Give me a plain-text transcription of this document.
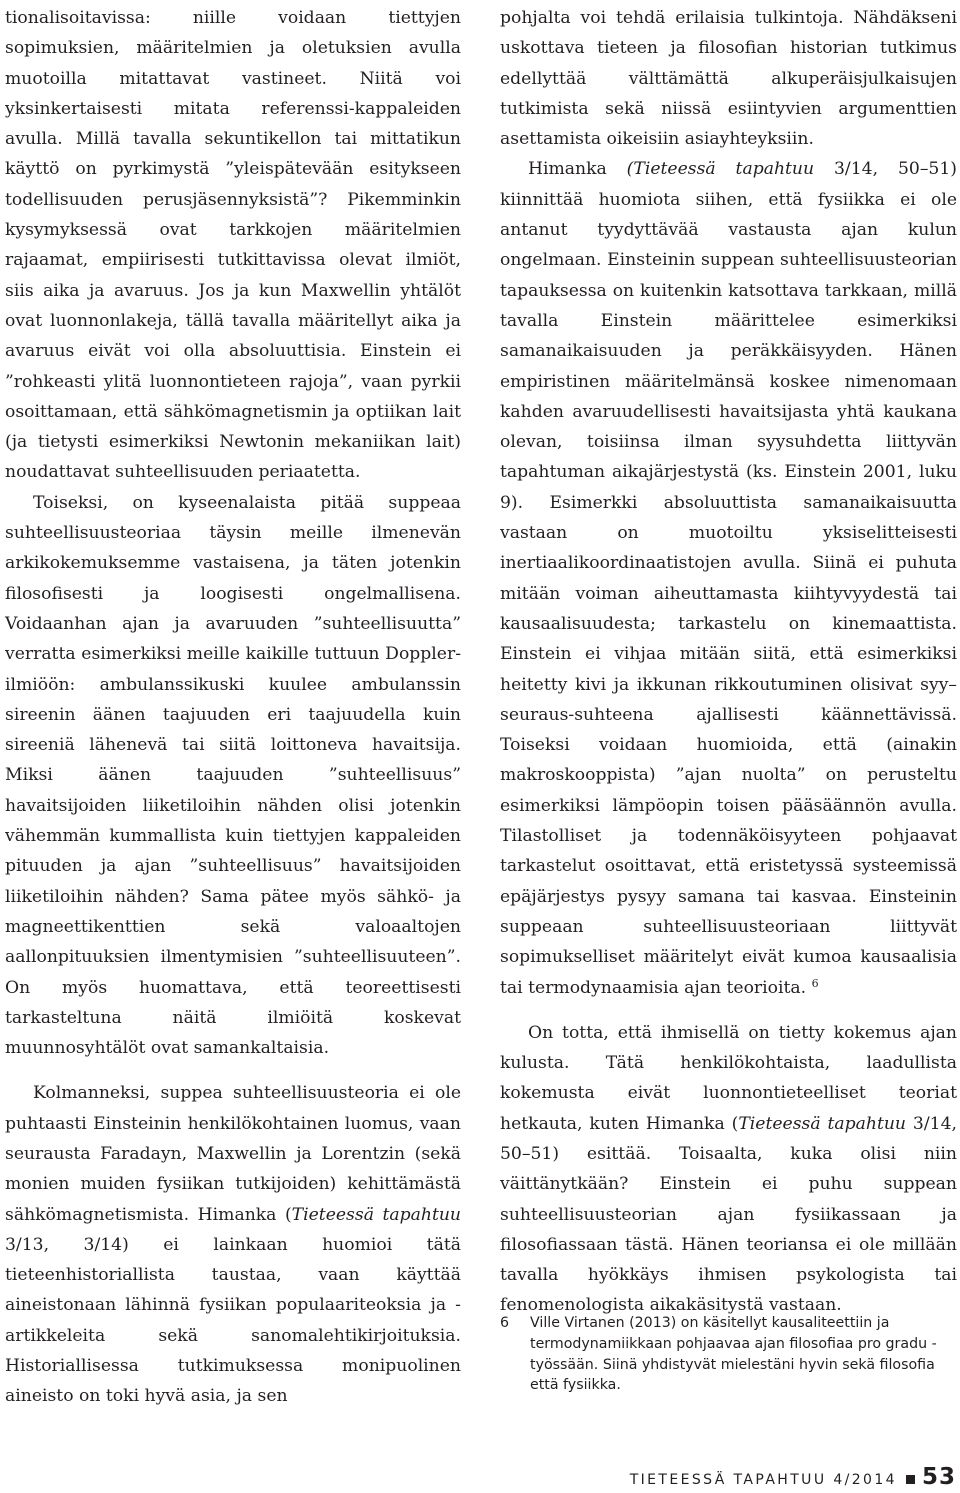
tionalisoitavissa: niille voidaan tiettyjen sopimuksien, määritelmien ja oletuksien avulla muotoilla mitattavat vastineet. Niitä voi yksinkertaisesti mitata referenssi-kappaleiden avulla. Millä tavalla sekuntikellon tai mittatikun käyttö on pyrkimystä ”yleispätevään esitykseen todellisuuden perusjäsennyksistä”? Pikemminkin kysymyksessä ovat tarkkojen määritelmien rajaamat, empiirisesti tutkittavissa olevat ilmiöt, siis aika ja avaruus. Jos ja kun Maxwellin yhtälöt ovat luonnonlakeja, tällä tavalla määritellyt aika ja avaruus eivät voi olla absoluuttisia. Einstein ei ”rohkeasti ylitä luonnontieteen rajoja”, vaan pyrkii osoittamaan, että sähkömagnetismin ja optiikan lait (ja tietysti esimerkiksi Newtonin mekaniikan lait) noudattavat suhteellisuuden periaatetta.

Toiseksi, on kyseenalaista pitää suppeaa suhteellisuusteoriaa täysin meille ilmenevän arkikokemuksemme vastaisena, ja täten jotenkin filosofisesti ja loogisesti ongelmallisena. Voidaanhan ajan ja avaruuden ”suhteellisuutta” verratta esimerkiksi meille kaikille tuttuun Doppler-ilmiöön: ambulanssikuski kuulee ambulanssin sireenin äänen taajuuden eri taajuudella kuin sireeniä lähenevä tai siitä loittoneva havaitsija. Miksi äänen taajuuden ”suhteellisuus” havaitsijoiden liiketiloihin nähden olisi jotenkin vähemmän kummallista kuin tiettyjen kappaleiden pituuden ja ajan ”suhteellisuus” havaitsijoiden liiketiloihin nähden? Sama pätee myös sähkö- ja magneettikenttien sekä valoaaltojen aallonpituuksien ilmentymisien ”suhteellisuuteen”. On myös huomattava, että teoreettisesti tarkasteltuna näitä ilmiöitä koskevat muunnosyhtälöt ovat samankaltaisia.

Kolmanneksi, suppea suhteellisuusteoria ei ole puhtaasti Einsteinin henkilökohtainen luomus, vaan seurausta Faradayn, Maxwellin ja Lorentzin (sekä monien muiden fysiikan tutkijoiden) kehittämästä sähkömagnetismista. Himanka (Tieteessä tapahtuu 3/13, 3/14) ei lainkaan huomioi tätä tieteenhistoriallista taustaa, vaan käyttää aineistonaan lähinnä fysiikan populaariteoksia ja -artikkeleita sekä sanomalehtikirjoituksia. Historiallisessa tutkimuksessa monipuolinen aineisto on toki hyvä asia, ja sen

pohjalta voi tehdä erilaisia tulkintoja. Nähdäkseni uskottava tieteen ja filosofian historian tutkimus edellyttää välttämättä alkuperäisjulkaisujen tutkimista sekä niissä esiintyvien argumenttien asettamista oikeisiin asiayhteyksiin.

Himanka (Tieteessä tapahtuu 3/14, 50–51) kiinnittää huomiota siihen, että fysiikka ei ole antanut tyydyttävää vastausta ajan kulun ongelmaan. Einsteinin suppean suhteellisuusteorian tapauksessa on kuitenkin katsottava tarkkaan, millä tavalla Einstein määrittelee esimerkiksi samanaikaisuuden ja peräkkäisyyden. Hänen empiristinen määritelmänsä koskee nimenomaan kahden avaruudellisesti havaitsijasta yhtä kaukana olevan, toisiinsa ilman syysuhdetta liittyvän tapahtuman aikajärjestystä (ks. Einstein 2001, luku 9). Esimerkki absoluuttista samanaikaisuutta vastaan on muotoiltu yksiselitteisesti inertiaalikoordinaatistojen avulla. Siinä ei puhuta mitään voiman aiheuttamasta kiihtyvyydestä tai kausaalisuudesta; tarkastelu on kinemaattista. Einstein ei vihjaa mitään siitä, että esimerkiksi heitetty kivi ja ikkunan rikkoutuminen olisivat syy–seuraus-suhteena ajallisesti käännettävissä. Toiseksi voidaan huomioida, että (ainakin makroskooppista) ”ajan nuolta” on perusteltu esimerkiksi lämpöopin toisen pääsäännön avulla. Tilastolliset ja todennäköisyyteen pohjaavat tarkastelut osoittavat, että eristetyssä systeemissä epäjärjestys pysyy samana tai kasvaa. Einsteinin suppeaan suhteellisuusteoriaan liittyvät sopimukselliset määritelyt eivät kumoa kausaalisia tai termodynaamisia ajan teorioita. $^6$

On totta, että ihmisellä on tietty kokemus ajan kulusta. Tätä henkilökohtaista, laadullista kokemusta eivät luonnontieteelliset teoriat hetkauta, kuten Himanka (Tieteessä tapahtuu 3/14, 50–51) esittää. Toisaalta, kuka olisi niin väittänytkään? Einstein ei puhu suppean suhteellisuusteorian ajan fysiikassaan ja filosofiassaan tästä. Hänen teoriansa ei ole millään tavalla hyökkäys ihmisen psykologista tai fenomenologista aikakäsitystä vastaan.

6	Ville Virtanen (2013) on käsitellyt kausaliteettiin ja termodynamiikkaan pohjaavaa ajan filosofiaa pro gradu -työssään. Siinä yhdistyvät mielestäni hyvin sekä filosofia että fysiikka.
TIETEESSÄ TAPAHTUU 4/2014 53
